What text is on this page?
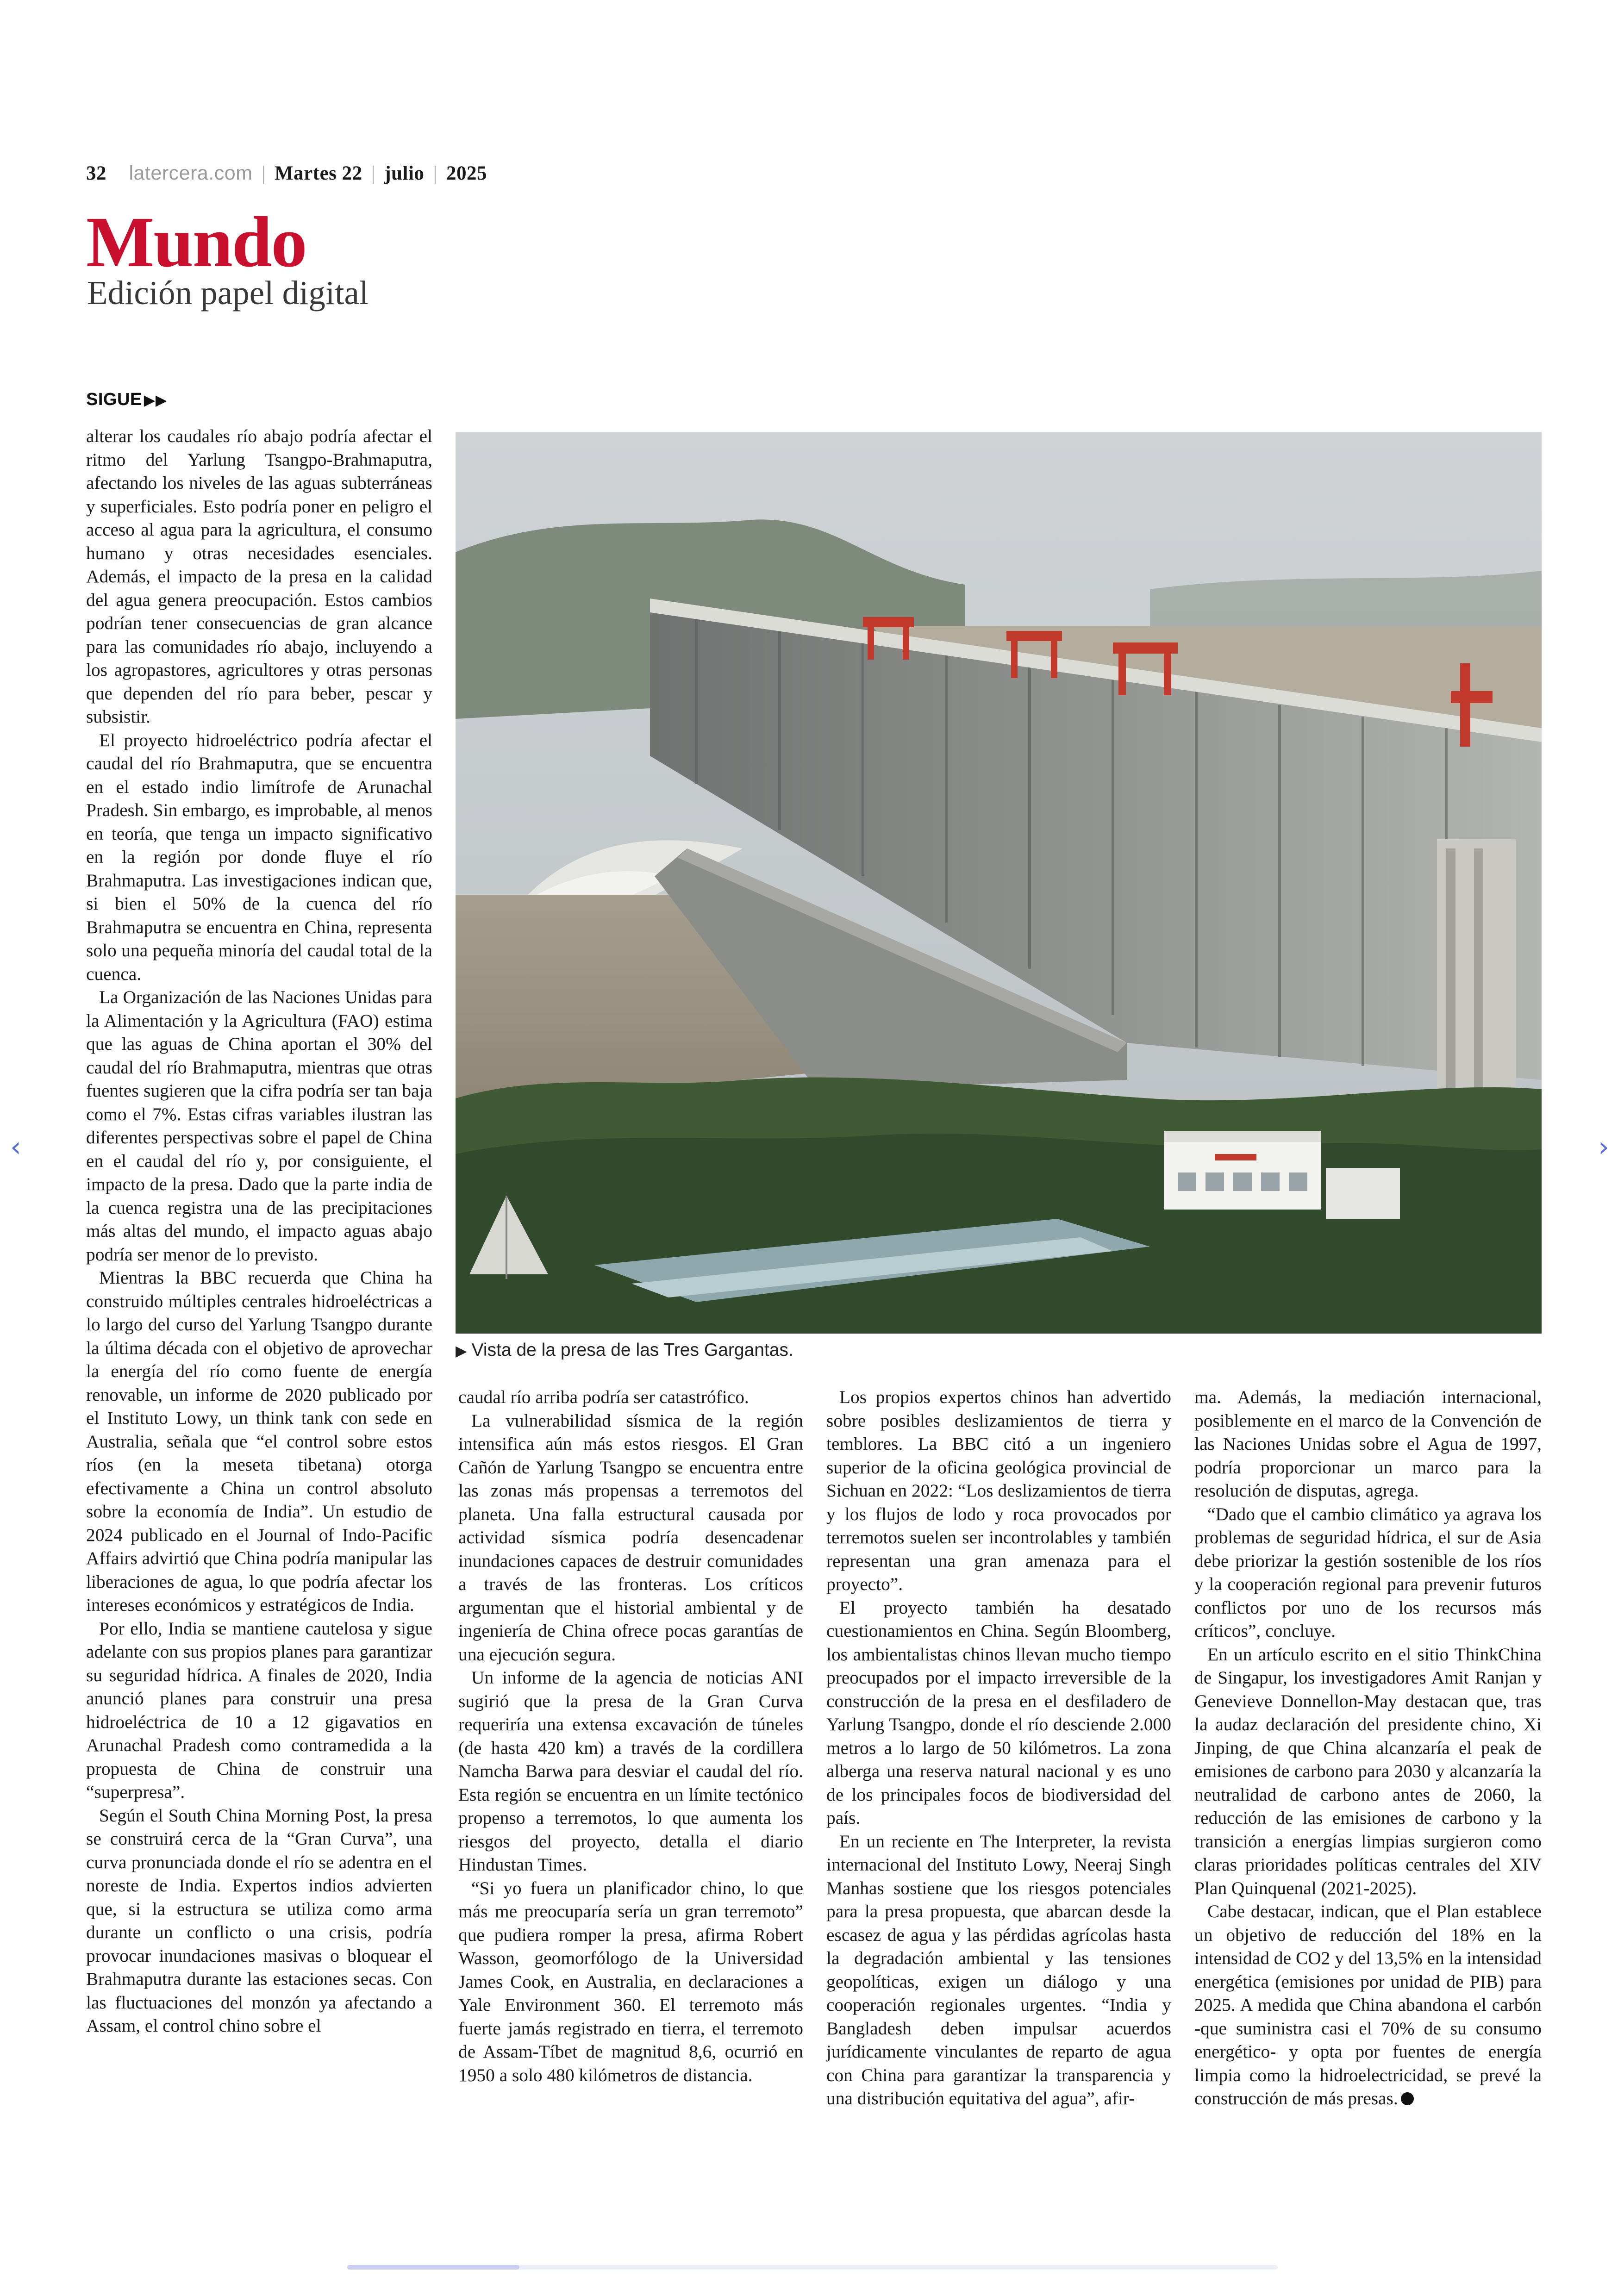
32 latercera.com | Martes 22 | julio | 2025
Mundo
Edición papel digital
SIGUE ▶▶

alterar los caudales río abajo podría afectar el ritmo del Yarlung Tsangpo-Brahmaputra, afectando los niveles de las aguas subterráneas y superficiales. Esto podría poner en peligro el acceso al agua para la agricultura, el consumo humano y otras necesidades esenciales. Además, el impacto de la presa en la calidad del agua genera preocupación. Estos cambios podrían tener consecuencias de gran alcance para las comunidades río abajo, incluyendo a los agropastores, agricultores y otras personas que dependen del río para beber, pescar y subsistir.

El proyecto hidroeléctrico podría afectar el caudal del río Brahmaputra, que se encuentra en el estado indio limítrofe de Arunachal Pradesh. Sin embargo, es improbable, al menos en teoría, que tenga un impacto significativo en la región por donde fluye el río Brahmaputra. Las investigaciones indican que, si bien el 50% de la cuenca del río Brahmaputra se encuentra en China, representa solo una pequeña minoría del caudal total de la cuenca.

La Organización de las Naciones Unidas para la Alimentación y la Agricultura (FAO) estima que las aguas de China aportan el 30% del caudal del río Brahmaputra, mientras que otras fuentes sugieren que la cifra podría ser tan baja como el 7%. Estas cifras variables ilustran las diferentes perspectivas sobre el papel de China en el caudal del río y, por consiguiente, el impacto de la presa. Dado que la parte india de la cuenca registra una de las precipitaciones más altas del mundo, el impacto aguas abajo podría ser menor de lo previsto.

Mientras la BBC recuerda que China ha construido múltiples centrales hidroeléctricas a lo largo del curso del Yarlung Tsangpo durante la última década con el objetivo de aprovechar la energía del río como fuente de energía renovable, un informe de 2020 publicado por el Instituto Lowy, un think tank con sede en Australia, señala que “el control sobre estos ríos (en la meseta tibetana) otorga efectivamente a China un control absoluto sobre la economía de India”. Un estudio de 2024 publicado en el Journal of Indo-Pacific Affairs advirtió que China podría manipular las liberaciones de agua, lo que podría afectar los intereses económicos y estratégicos de India.

Por ello, India se mantiene cautelosa y sigue adelante con sus propios planes para garantizar su seguridad hídrica. A finales de 2020, India anunció planes para construir una presa hidroeléctrica de 10 a 12 gigavatios en Arunachal Pradesh como contramedida a la propuesta de China de construir una “superpresa”.

Según el South China Morning Post, la presa se construirá cerca de la “Gran Curva”, una curva pronunciada donde el río se adentra en el noreste de India. Expertos indios advierten que, si la estructura se utiliza como arma durante un conflicto o una crisis, podría provocar inundaciones masivas o bloquear el Brahmaputra durante las estaciones secas. Con las fluctuaciones del monzón ya afectando a Assam, el control chino sobre el

▶ Vista de la presa de las Tres Gargantas.

caudal río arriba podría ser catastrófico.

La vulnerabilidad sísmica de la región intensifica aún más estos riesgos. El Gran Cañón de Yarlung Tsangpo se encuentra entre las zonas más propensas a terremotos del planeta. Una falla estructural causada por actividad sísmica podría desencadenar inundaciones capaces de destruir comunidades a través de las fronteras. Los críticos argumentan que el historial ambiental y de ingeniería de China ofrece pocas garantías de una ejecución segura.

Un informe de la agencia de noticias ANI sugirió que la presa de la Gran Curva requeriría una extensa excavación de túneles (de hasta 420 km) a través de la cordillera Namcha Barwa para desviar el caudal del río. Esta región se encuentra en un límite tectónico propenso a terremotos, lo que aumenta los riesgos del proyecto, detalla el diario Hindustan Times.

“Si yo fuera un planificador chino, lo que más me preocuparía sería un gran terremoto” que pudiera romper la presa, afirma Robert Wasson, geomorfólogo de la Universidad James Cook, en Australia, en declaraciones a Yale Environment 360. El terremoto más fuerte jamás registrado en tierra, el terremoto de Assam-Tíbet de magnitud 8,6, ocurrió en 1950 a solo 480 kilómetros de distancia.

Los propios expertos chinos han advertido sobre posibles deslizamientos de tierra y temblores. La BBC citó a un ingeniero superior de la oficina geológica provincial de Sichuan en 2022: “Los deslizamientos de tierra y los flujos de lodo y roca provocados por terremotos suelen ser incontrolables y también representan una gran amenaza para el proyecto”.

El proyecto también ha desatado cuestionamientos en China. Según Bloomberg, los ambientalistas chinos llevan mucho tiempo preocupados por el impacto irreversible de la construcción de la presa en el desfiladero de Yarlung Tsangpo, donde el río desciende 2.000 metros a lo largo de 50 kilómetros. La zona alberga una reserva natural nacional y es uno de los principales focos de biodiversidad del país.

En un reciente en The Interpreter, la revista internacional del Instituto Lowy, Neeraj Singh Manhas sostiene que los riesgos potenciales para la presa propuesta, que abarcan desde la escasez de agua y las pérdidas agrícolas hasta la degradación ambiental y las tensiones geopolíticas, exigen un diálogo y una cooperación regionales urgentes. “India y Bangladesh deben impulsar acuerdos jurídicamente vinculantes de reparto de agua con China para garantizar la transparencia y una distribución equitativa del agua”, afir-

ma. Además, la mediación internacional, posiblemente en el marco de la Convención de las Naciones Unidas sobre el Agua de 1997, podría proporcionar un marco para la resolución de disputas, agrega.

“Dado que el cambio climático ya agrava los problemas de seguridad hídrica, el sur de Asia debe priorizar la gestión sostenible de los ríos y la cooperación regional para prevenir futuros conflictos por uno de los recursos más críticos”, concluye.

En un artículo escrito en el sitio ThinkChina de Singapur, los investigadores Amit Ranjan y Genevieve Donnellon-May destacan que, tras la audaz declaración del presidente chino, Xi Jinping, de que China alcanzaría el peak de emisiones de carbono para 2030 y alcanzaría la neutralidad de carbono antes de 2060, la reducción de las emisiones de carbono y la transición a energías limpias surgieron como claras prioridades políticas centrales del XIV Plan Quinquenal (2021-2025).

Cabe destacar, indican, que el Plan establece un objetivo de reducción del 18% en la intensidad de CO2 y del 13,5% en la intensidad energética (emisiones por unidad de PIB) para 2025. A medida que China abandona el carbón -que suministra casi el 70% de su consumo energético- y opta por fuentes de energía limpia como la hidroelectricidad, se prevé la construcción de más presas.

‹	›
